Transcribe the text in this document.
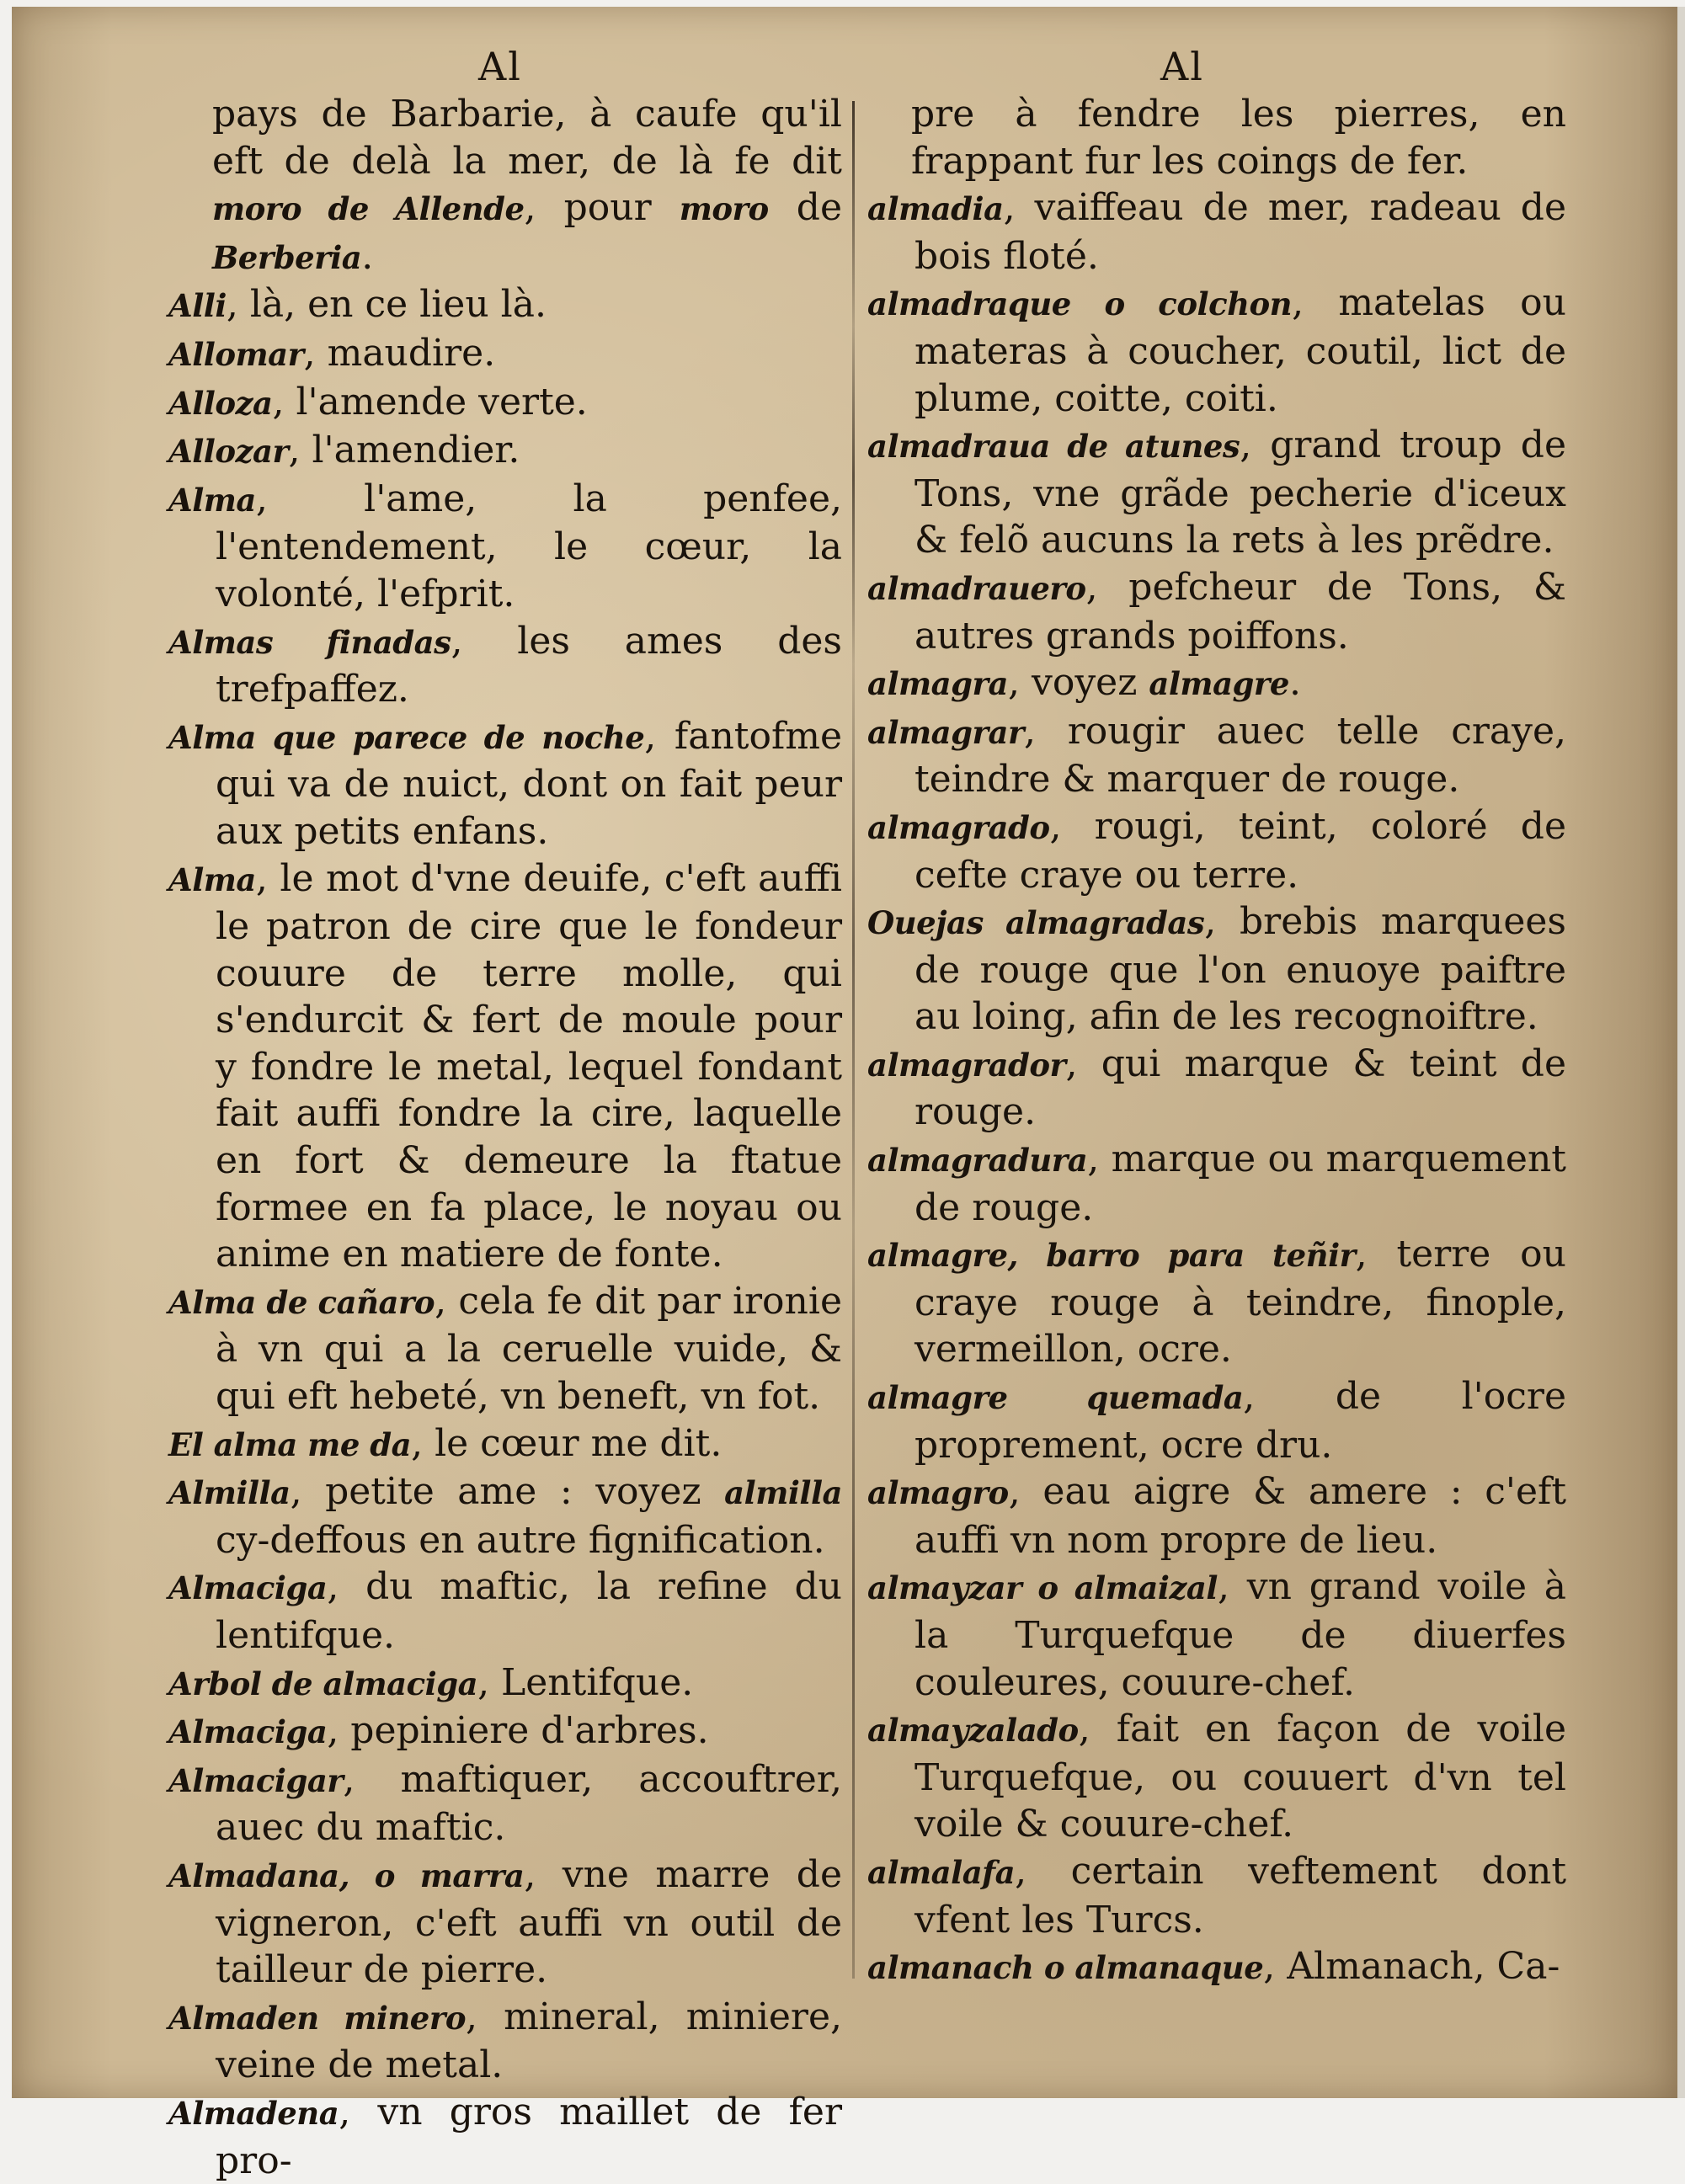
Al	Al

pays de Barbarie, à caufe qu'il eft de delà la mer, de là fe dit moro de Allende, pour moro de Berberia.

Alli, là, en ce lieu là.

Allomar, maudire.

Alloza, l'amende verte.

Allozar, l'amendier.

Alma, l'ame, la penfee, l'entendement, le cœur, la volonté, l'efprit.

Almas finadas, les ames des trefpaffez.

Alma que parece de noche, fantofme qui va de nuict, dont on fait peur aux petits enfans.

Alma, le mot d'vne deuife, c'eft auffi le patron de cire que le fondeur couure de terre molle, qui s'endurcit & fert de moule pour y fondre le metal, lequel fondant fait auffi fondre la cire, laquelle en fort & demeure la ftatue formee en fa place, le noyau ou anime en matiere de fonte.

Alma de cañaro, cela fe dit par ironie à vn qui a la ceruelle vuide, & qui eft hebeté, vn beneft, vn fot.

El alma me da, le cœur me dit.

Almilla, petite ame : voyez almilla cy-deffous en autre fignification.

Almaciga, du maftic, la refine du lentifque.

Arbol de almaciga, Lentifque.

Almaciga, pepiniere d'arbres.

Almacigar, maftiquer, accouftrer, auec du maftic.

Almadana, o marra, vne marre de vigneron, c'eft auffi vn outil de tailleur de pierre.

Almaden minero, mineral, miniere, veine de metal.

Almadena, vn gros maillet de fer pro-

pre à fendre les pierres, en frappant fur les coings de fer.

almadia, vaiffeau de mer, radeau de bois floté.

almadraque o colchon, matelas ou materas à coucher, coutil, lict de plume, coitte, coiti.

almadraua de atunes, grand troup de Tons, vne grãde pecherie d'iceux & felõ aucuns la rets à les prẽdre.

almadrauero, pefcheur de Tons, & autres grands poiffons.

almagra, voyez almagre.

almagrar, rougir auec telle craye, teindre & marquer de rouge.

almagrado, rougi, teint, coloré de cefte craye ou terre.

Ouejas almagradas, brebis marquees de rouge que l'on enuoye paiftre au loing, afin de les recognoiftre.

almagrador, qui marque & teint de rouge.

almagradura, marque ou marquement de rouge.

almagre, barro para teñir, terre ou craye rouge à teindre, finople, vermeillon, ocre.

almagre quemada, de l'ocre proprement, ocre dru.

almagro, eau aigre & amere : c'eft auffi vn nom propre de lieu.

almayzar o almaizal, vn grand voile à la Turquefque de diuerfes couleures, couure-chef.

almayzalado, fait en façon de voile Turquefque, ou couuert d'vn tel voile & couure-chef.

almalafa, certain veftement dont vfent les Turcs.

almanach o almanaque, Almanach, Ca-
